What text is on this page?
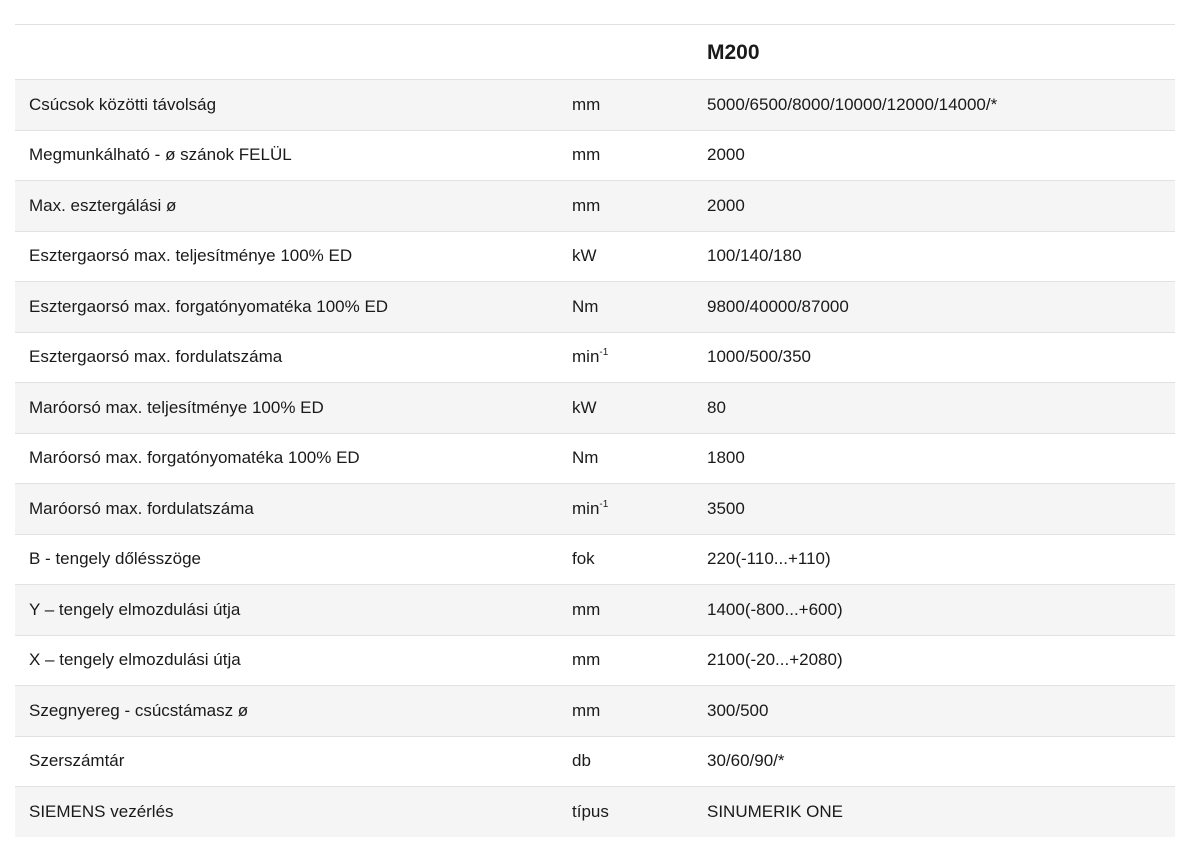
		M200
Csúcsok közötti távolság	mm	5000/6500/8000/10000/12000/14000/*
Megmunkálható - ø szánok FELÜL	mm	2000
Max. esztergálási ø	mm	2000
Esztergaorsó max. teljesítménye 100% ED	kW	100/140/180
Esztergaorsó max. forgatónyomatéka 100% ED	Nm	9800/40000/87000
Esztergaorsó max. fordulatszáma	$\min^{-1}$	1000/500/350
Maróorsó max. teljesítménye 100% ED	kW	80
Maróorsó max. forgatónyomatéka 100% ED	Nm	1800
Maróorsó max. fordulatszáma	$\min^{-1}$	3500
B - tengely dőlésszöge	fok	220(-110...+110)
Y – tengely elmozdulási útja	mm	1400(-800...+600)
X – tengely elmozdulási útja	mm	2100(-20...+2080)
Szegnyereg - csúcstámasz ø	mm	300/500
Szerszámtár	db	30/60/90/*
SIEMENS vezérlés	típus	SINUMERIK ONE
